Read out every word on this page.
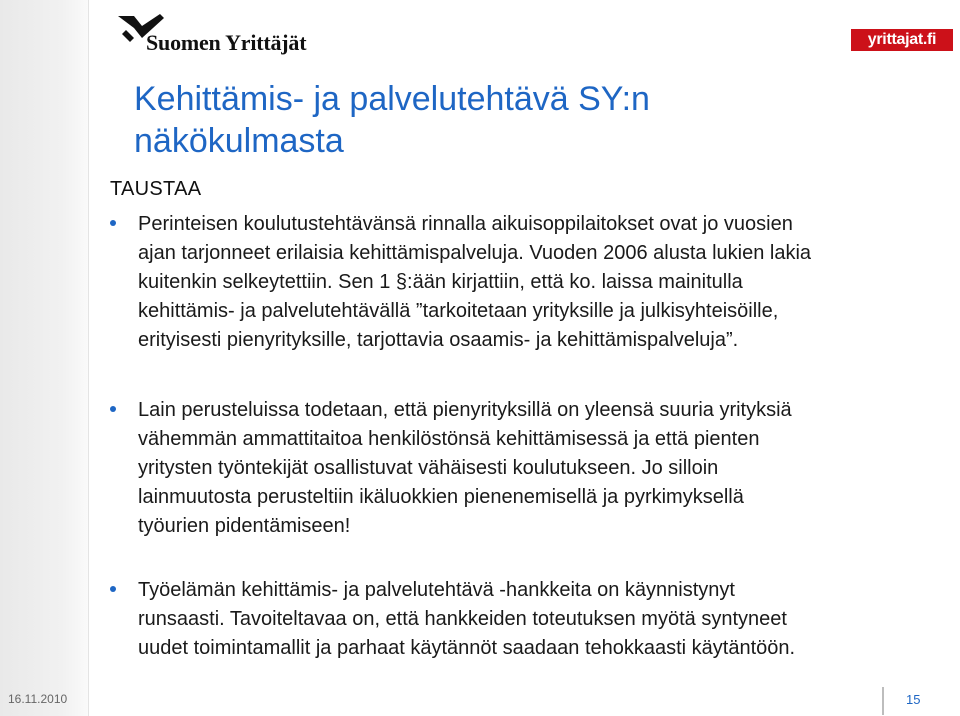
Suomen Yrittäjät	yrittajat.fi
Kehittämis- ja palvelutehtävä SY:n
näkökulmasta
TAUSTAA
Perinteisen koulutustehtävänsä rinnalla aikuisoppilaitokset ovat jo vuosien
ajan tarjonneet erilaisia kehittämispalveluja. Vuoden 2006 alusta lukien lakia
kuitenkin selkeytettiin. Sen 1 §:ään kirjattiin, että ko. laissa mainitulla
kehittämis- ja palvelutehtävällä ”tarkoitetaan yrityksille ja julkisyhteisöille,
erityisesti pienyrityksille, tarjottavia osaamis- ja kehittämispalveluja”.
Lain perusteluissa todetaan, että pienyrityksillä on yleensä suuria yrityksiä
vähemmän ammattitaitoa henkilöstönsä kehittämisessä ja että pienten
yritysten työntekijät osallistuvat vähäisesti koulutukseen. Jo silloin
lainmuutosta perusteltiin ikäluokkien pienenemisellä ja pyrkimyksellä
työurien pidentämiseen!
Työelämän kehittämis- ja palvelutehtävä -hankkeita on käynnistynyt
runsaasti. Tavoiteltavaa on, että hankkeiden toteutuksen myötä syntyneet
uudet toimintamallit ja parhaat käytännöt saadaan tehokkaasti käytäntöön.
16.11.2010	15
